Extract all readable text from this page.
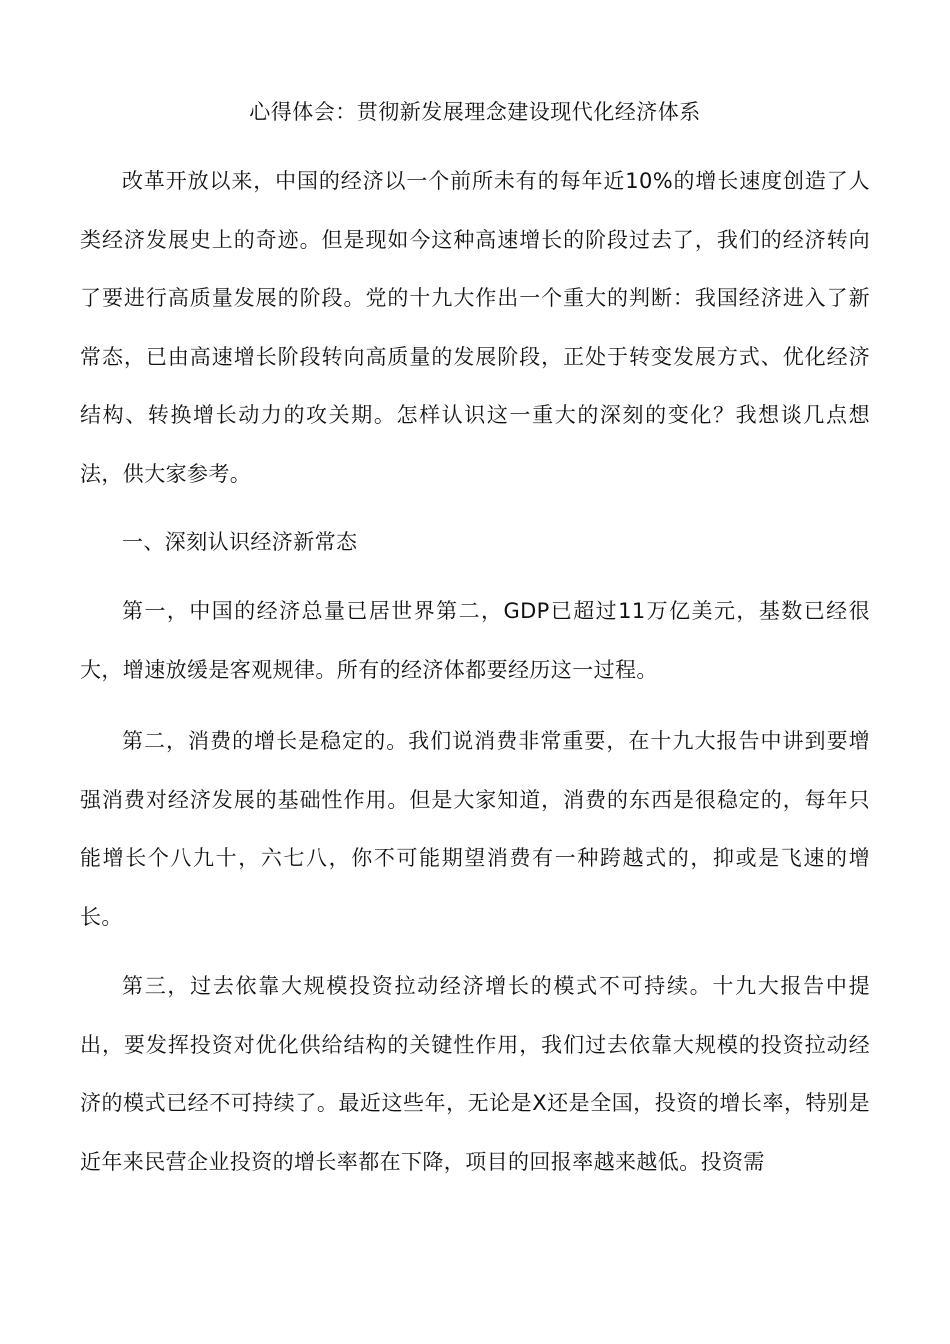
心得体会：贯彻新发展理念建设现代化经济体系

改革开放以来，中国的经济以一个前所未有的每年近10%的增长速度创造了人类经济发展史上的奇迹。但是现如今这种高速增长的阶段过去了，我们的经济转向了要进行高质量发展的阶段。党的十九大作出一个重大的判断：我国经济进入了新常态，已由高速增长阶段转向高质量的发展阶段，正处于转变发展方式、优化经济结构、转换增长动力的攻关期。怎样认识这一重大的深刻的变化？我想谈几点想法，供大家参考。

一、深刻认识经济新常态

第一，中国的经济总量已居世界第二，GDP已超过11万亿美元，基数已经很大，增速放缓是客观规律。所有的经济体都要经历这一过程。

第二，消费的增长是稳定的。我们说消费非常重要，在十九大报告中讲到要增强消费对经济发展的基础性作用。但是大家知道，消费的东西是很稳定的，每年只能增长个八九十，六七八，你不可能期望消费有一种跨越式的，抑或是飞速的增长。

第三，过去依靠大规模投资拉动经济增长的模式不可持续。十九大报告中提出，要发挥投资对优化供给结构的关键性作用，我们过去依靠大规模的投资拉动经济的模式已经不可持续了。最近这些年，无论是X还是全国，投资的增长率，特别是近年来民营企业投资的增长率都在下降，项目的回报率越来越低。投资需
